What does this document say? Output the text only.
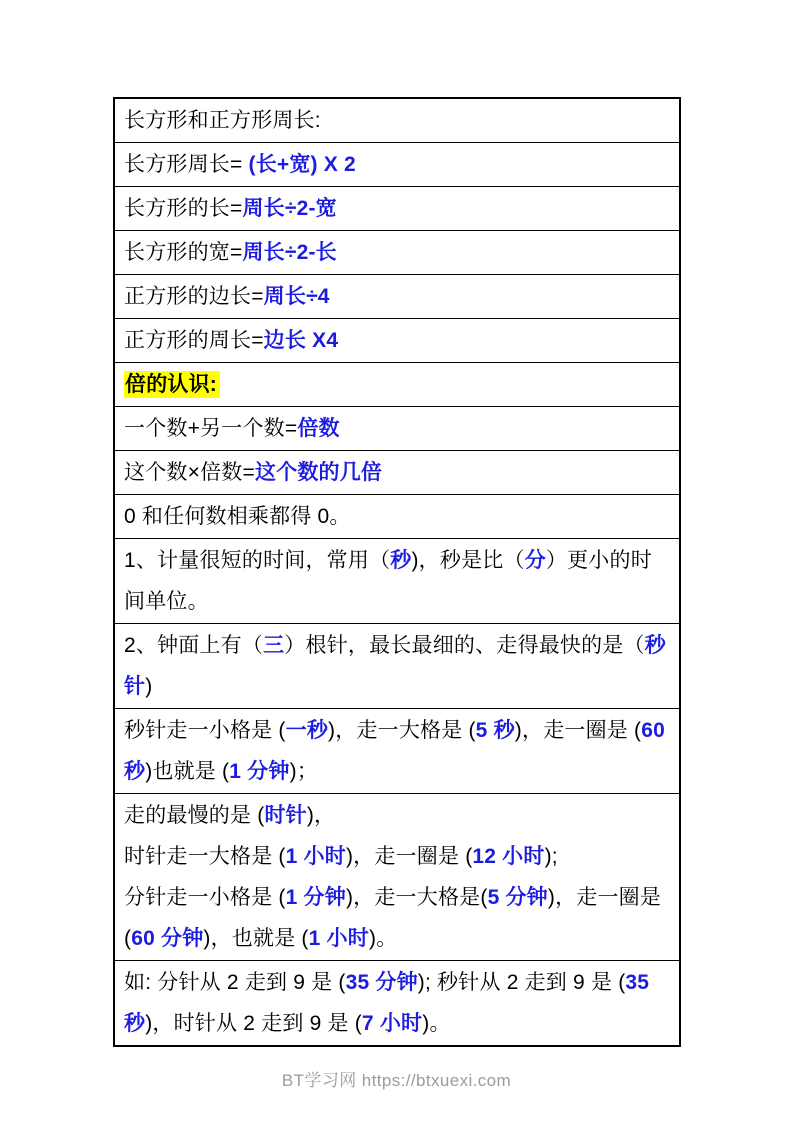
长方形和正方形周长:
长方形周长= (长+宽) X 2
长方形的长=周长÷2-宽
长方形的宽=周长÷2-长
正方形的边长=周长÷4
正方形的周长=边长 X4
倍的认识:
一个数+另一个数=倍数
这个数×倍数=这个数的几倍
0 和任何数相乘都得 0。
1、计量很短的时间，常用（秒)，秒是比（分）更小的时间单位。
2、钟面上有（三）根针，最长最细的、走得最快的是（秒针)
秒针走一小格是 (一秒)，走一大格是 (5 秒)，走一圈是 (60 秒)也就是 (1 分钟)；
走的最慢的是 (时针)，
时针走一大格是 (1 小时)，走一圈是 (12 小时);
分针走一小格是 (1 分钟)，走一大格是(5 分钟)，走一圈是 (60 分钟)，也就是 (1 小时)。
如: 分针从 2 走到 9 是 (35 分钟); 秒针从 2 走到 9 是 (35 秒)，时针从 2 走到 9 是 (7 小时)。
BT学习网 https://btxuexi.com
